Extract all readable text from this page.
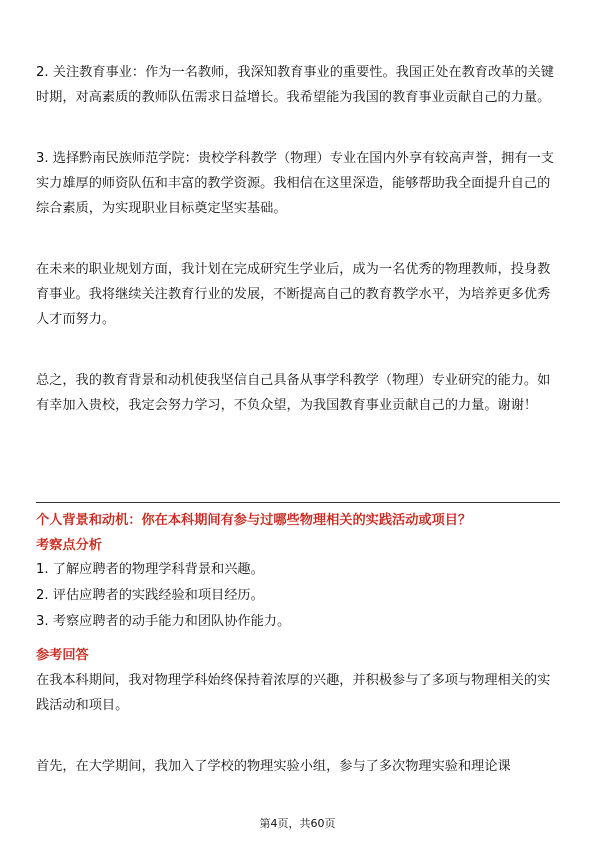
2. 关注教育事业：作为一名教师，我深知教育事业的重要性。我国正处在教育改革的关键时期，对高素质的教师队伍需求日益增长。我希望能为我国的教育事业贡献自己的力量。

3. 选择黔南民族师范学院：贵校学科教学（物理）专业在国内外享有较高声誉，拥有一支实力雄厚的师资队伍和丰富的教学资源。我相信在这里深造，能够帮助我全面提升自己的综合素质，为实现职业目标奠定坚实基础。

在未来的职业规划方面，我计划在完成研究生学业后，成为一名优秀的物理教师，投身教育事业。我将继续关注教育行业的发展，不断提高自己的教育教学水平，为培养更多优秀人才而努力。

总之，我的教育背景和动机使我坚信自己具备从事学科教学（物理）专业研究的能力。如有幸加入贵校，我定会努力学习，不负众望，为我国教育事业贡献自己的力量。谢谢！

个人背景和动机：你在本科期间有参与过哪些物理相关的实践活动或项目？

考察点分析

1. 了解应聘者的物理学科背景和兴趣。

2. 评估应聘者的实践经验和项目经历。

3. 考察应聘者的动手能力和团队协作能力。

参考回答

在我本科期间，我对物理学科始终保持着浓厚的兴趣，并积极参与了多项与物理相关的实践活动和项目。

首先，在大学期间，我加入了学校的物理实验小组，参与了多次物理实验和理论课

第4页，共60页
